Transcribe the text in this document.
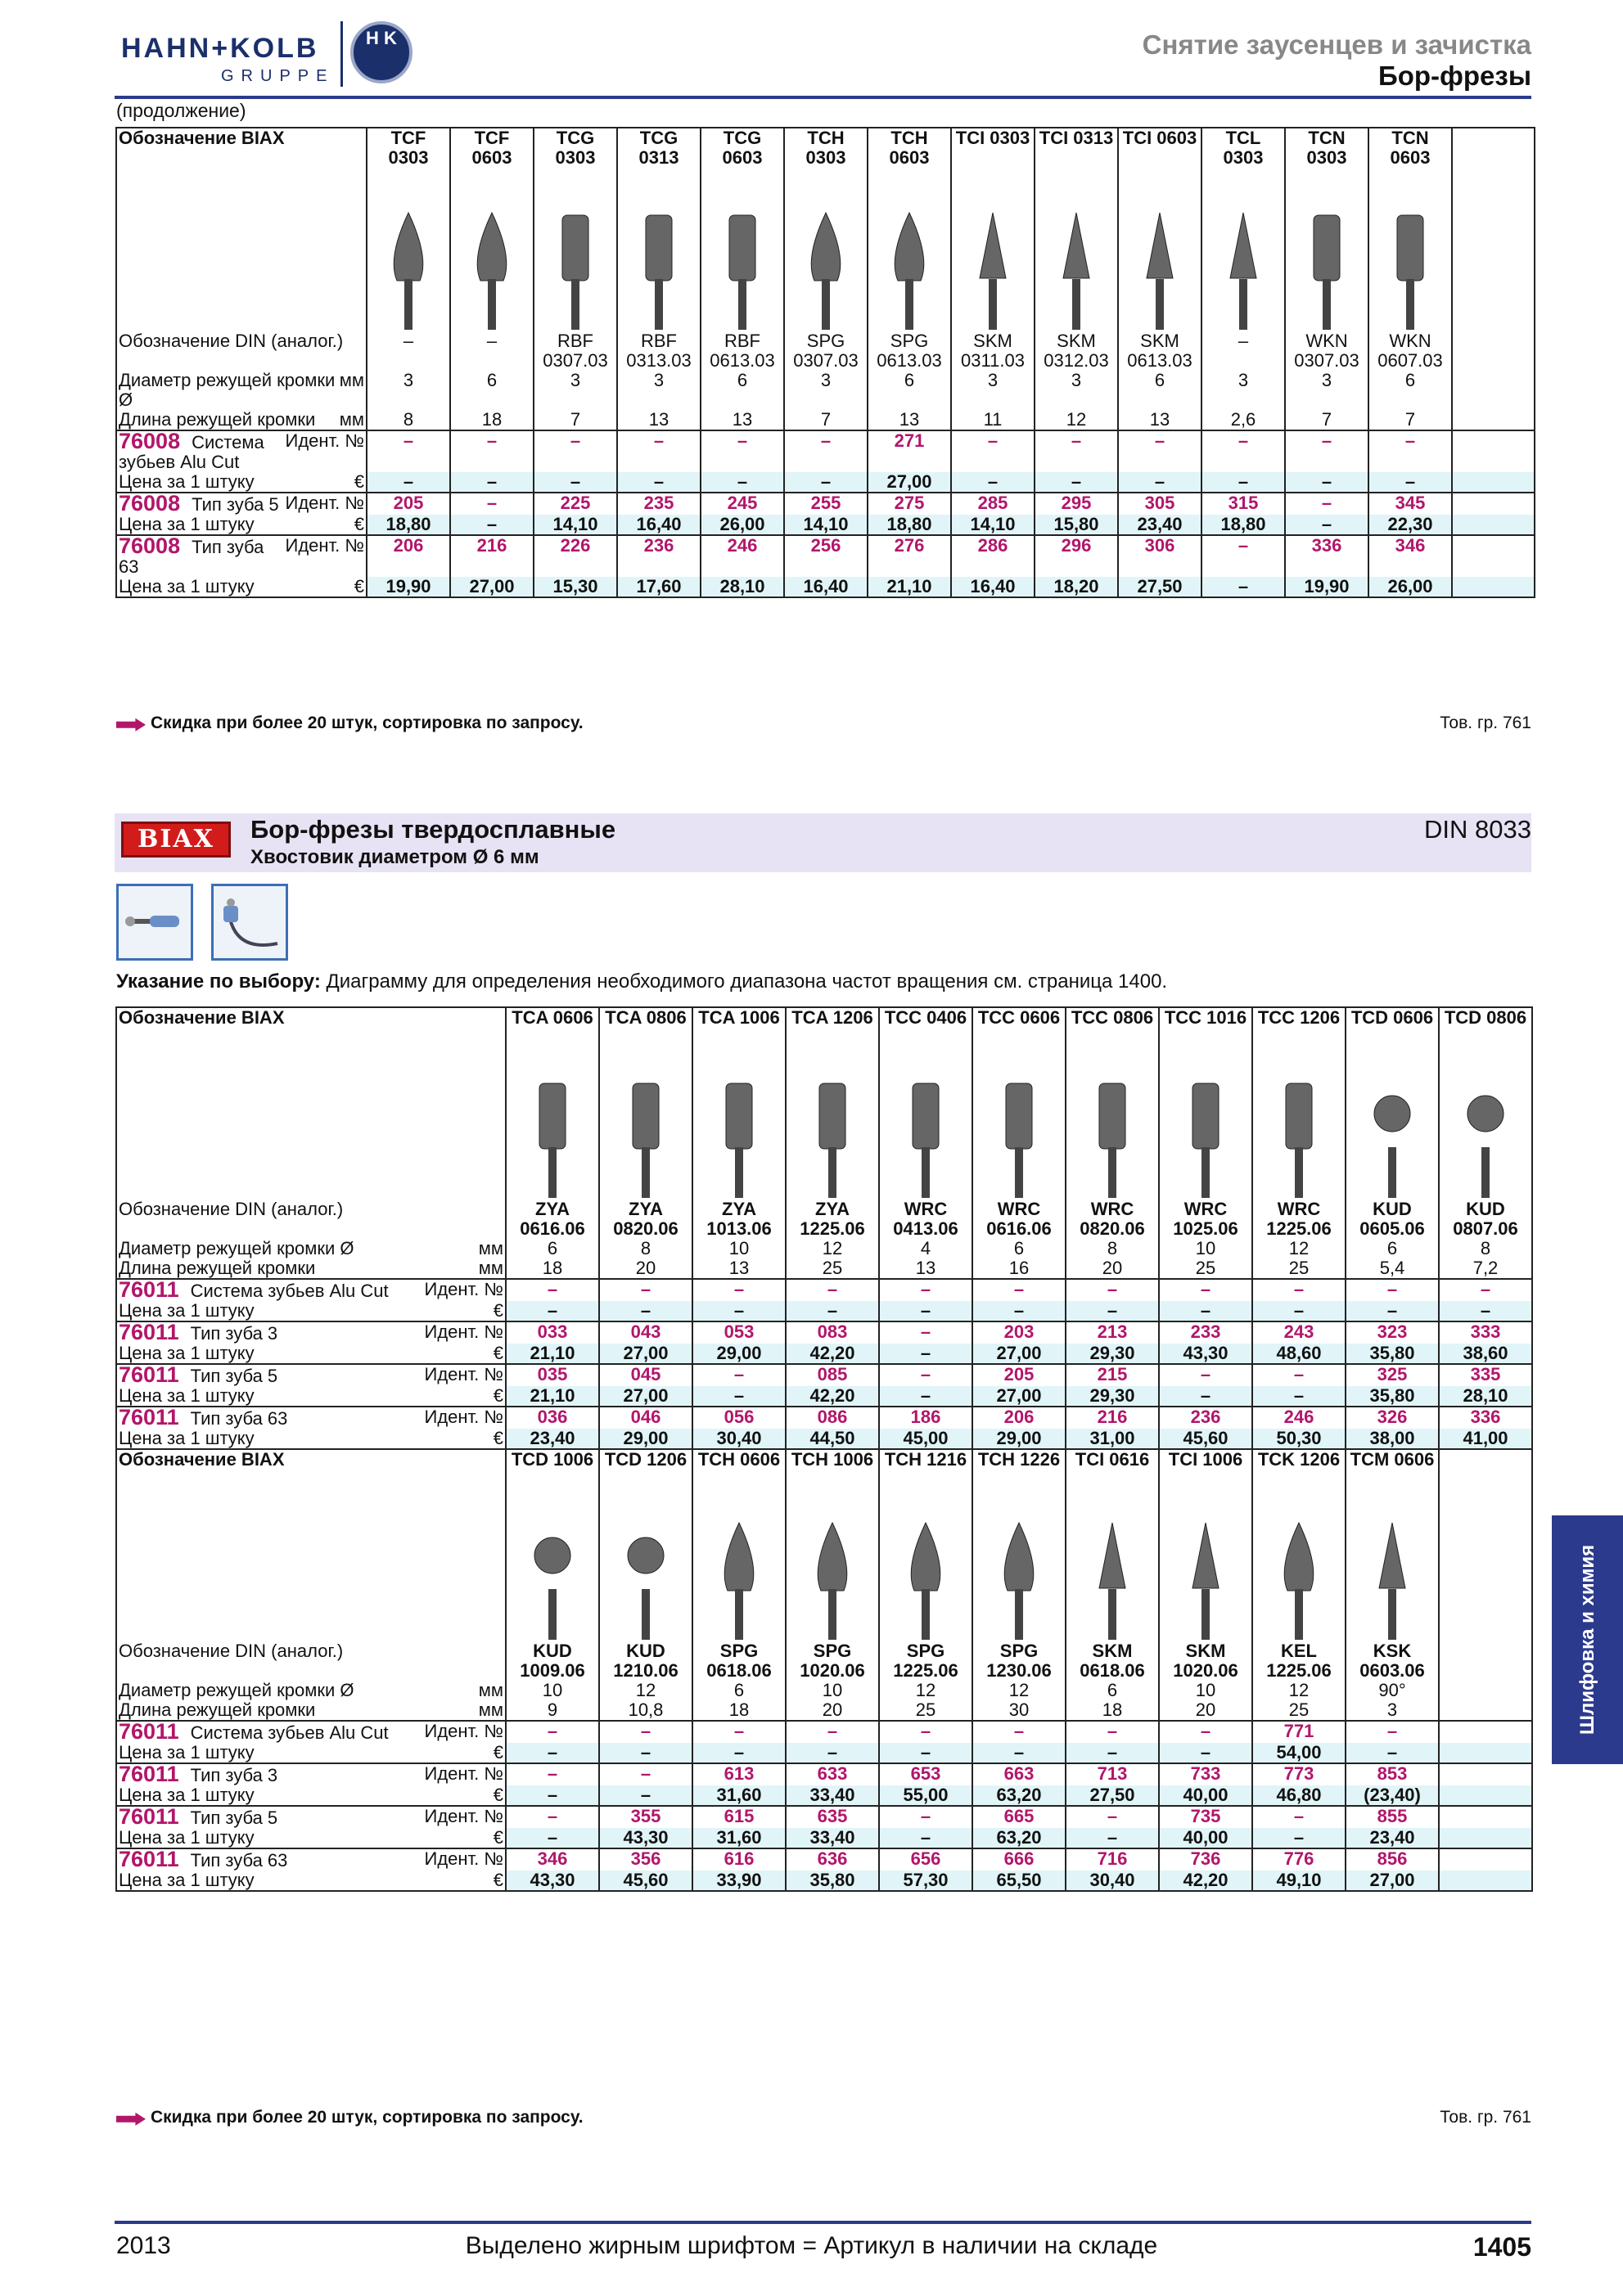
HAHN+KOLB
GRUPPE
H K	Снятие заусенцев и зачистка
Бор-фрезы
(продолжение)
Скидка при более 20 штук, сортировка по запросу.	Тов. гр. 761
BIAX	Бор-фрезы твердосплавные
Хвостовик диаметром Ø 6 мм
DIN 8033
Указание по выбору: Диаграмму для определения необходимого диапазона частот вращения см. страница 1400.
Скидка при более 20 штук, сортировка по запросу.	Тов. гр. 761
Шлифовка и химия
2013	Выделено жирным шрифтом = Артикул в наличии на складе	1405
Обозначение BIAX	TCF 0303	TCF 0603	TCG 0303	TCG 0313	TCG 0603	TCH 0303	TCH 0603	TCI 0303	TCI 0313	TCI 0603	TCL 0303	TCN 0303	TCN 0603	

Обозначение DIN (аналог.)	–	–	RBF 0307.03	RBF 0313.03	RBF 0613.03	SPG 0307.03	SPG 0613.03	SKM 0311.03	SKM 0312.03	SKM 0613.03	–	WKN 0307.03	WKN 0607.03	

мм
Диаметр режущей кромки Ø	3	6	3	3	6	3	6	3	3	6	3	3	6	

мм
Длина режущей кромки	8	18	7	13	13	7	13	11	12	13	2,6	7	7	

Идент. №
76008 Система зубьев Alu Cut	–	–	–	–	–	–	271	–	–	–	–	–	–	

€
Цена за 1 штуку	–	–	–	–	–	–	27,00	–	–	–	–	–	–	

Идент. №
76008 Тип зуба 5	205	–	225	235	245	255	275	285	295	305	315	–	345	

€
Цена за 1 штуку	18,80	–	14,10	16,40	26,00	14,10	18,80	14,10	15,80	23,40	18,80	–	22,30	

Идент. №
76008 Тип зуба 63	206	216	226	236	246	256	276	286	296	306	–	336	346	

€
Цена за 1 штуку	19,90	27,00	15,30	17,60	28,10	16,40	21,10	16,40	18,20	27,50	–	19,90	26,00	
Обозначение BIAX	TCA 0606	TCA 0806	TCA 1006	TCA 1206	TCC 0406	TCC 0606	TCC 0806	TCC 1016	TCC 1206	TCD 0606	TCD 0806

Обозначение DIN (аналог.)	ZYA 0616.06	ZYA 0820.06	ZYA 1013.06	ZYA 1225.06	WRC 0413.06	WRC 0616.06	WRC 0820.06	WRC 1025.06	WRC 1225.06	KUD 0605.06	KUD 0807.06

мм
Диаметр режущей кромки Ø	6	8	10	12	4	6	8	10	12	6	8

мм
Длина режущей кромки	18	20	13	25	13	16	20	25	25	5,4	7,2

Идент. №
76011 Система зубьев Alu Cut	–	–	–	–	–	–	–	–	–	–	–

€
Цена за 1 штуку	–	–	–	–	–	–	–	–	–	–	–

Идент. №
76011 Тип зуба 3	033	043	053	083	–	203	213	233	243	323	333

€
Цена за 1 штуку	21,10	27,00	29,00	42,20	–	27,00	29,30	43,30	48,60	35,80	38,60

Идент. №
76011 Тип зуба 5	035	045	–	085	–	205	215	–	–	325	335

€
Цена за 1 штуку	21,10	27,00	–	42,20	–	27,00	29,30	–	–	35,80	28,10

Идент. №
76011 Тип зуба 63	036	046	056	086	186	206	216	236	246	326	336

€
Цена за 1 штуку	23,40	29,00	30,40	44,50	45,00	29,00	31,00	45,60	50,30	38,00	41,00
Обозначение BIAX	TCD 1006	TCD 1206	TCH 0606	TCH 1006	TCH 1216	TCH 1226	TCI 0616	TCI 1006	TCK 1206	TCM 0606	

Обозначение DIN (аналог.)	KUD 1009.06	KUD 1210.06	SPG 0618.06	SPG 1020.06	SPG 1225.06	SPG 1230.06	SKM 0618.06	SKM 1020.06	KEL 1225.06	KSK 0603.06	

мм
Диаметр режущей кромки Ø	10	12	6	10	12	12	6	10	12	90°	

мм
Длина режущей кромки	9	10,8	18	20	25	30	18	20	25	3	

Идент. №
76011 Система зубьев Alu Cut	–	–	–	–	–	–	–	–	771	–	

€
Цена за 1 штуку	–	–	–	–	–	–	–	–	54,00	–	

Идент. №
76011 Тип зуба 3	–	–	613	633	653	663	713	733	773	853	

€
Цена за 1 штуку	–	–	31,60	33,40	55,00	63,20	27,50	40,00	46,80	(23,40)	

Идент. №
76011 Тип зуба 5	–	355	615	635	–	665	–	735	–	855	

€
Цена за 1 штуку	–	43,30	31,60	33,40	–	63,20	–	40,00	–	23,40	

Идент. №
76011 Тип зуба 63	346	356	616	636	656	666	716	736	776	856	

€
Цена за 1 штуку	43,30	45,60	33,90	35,80	57,30	65,50	30,40	42,20	49,10	27,00	
